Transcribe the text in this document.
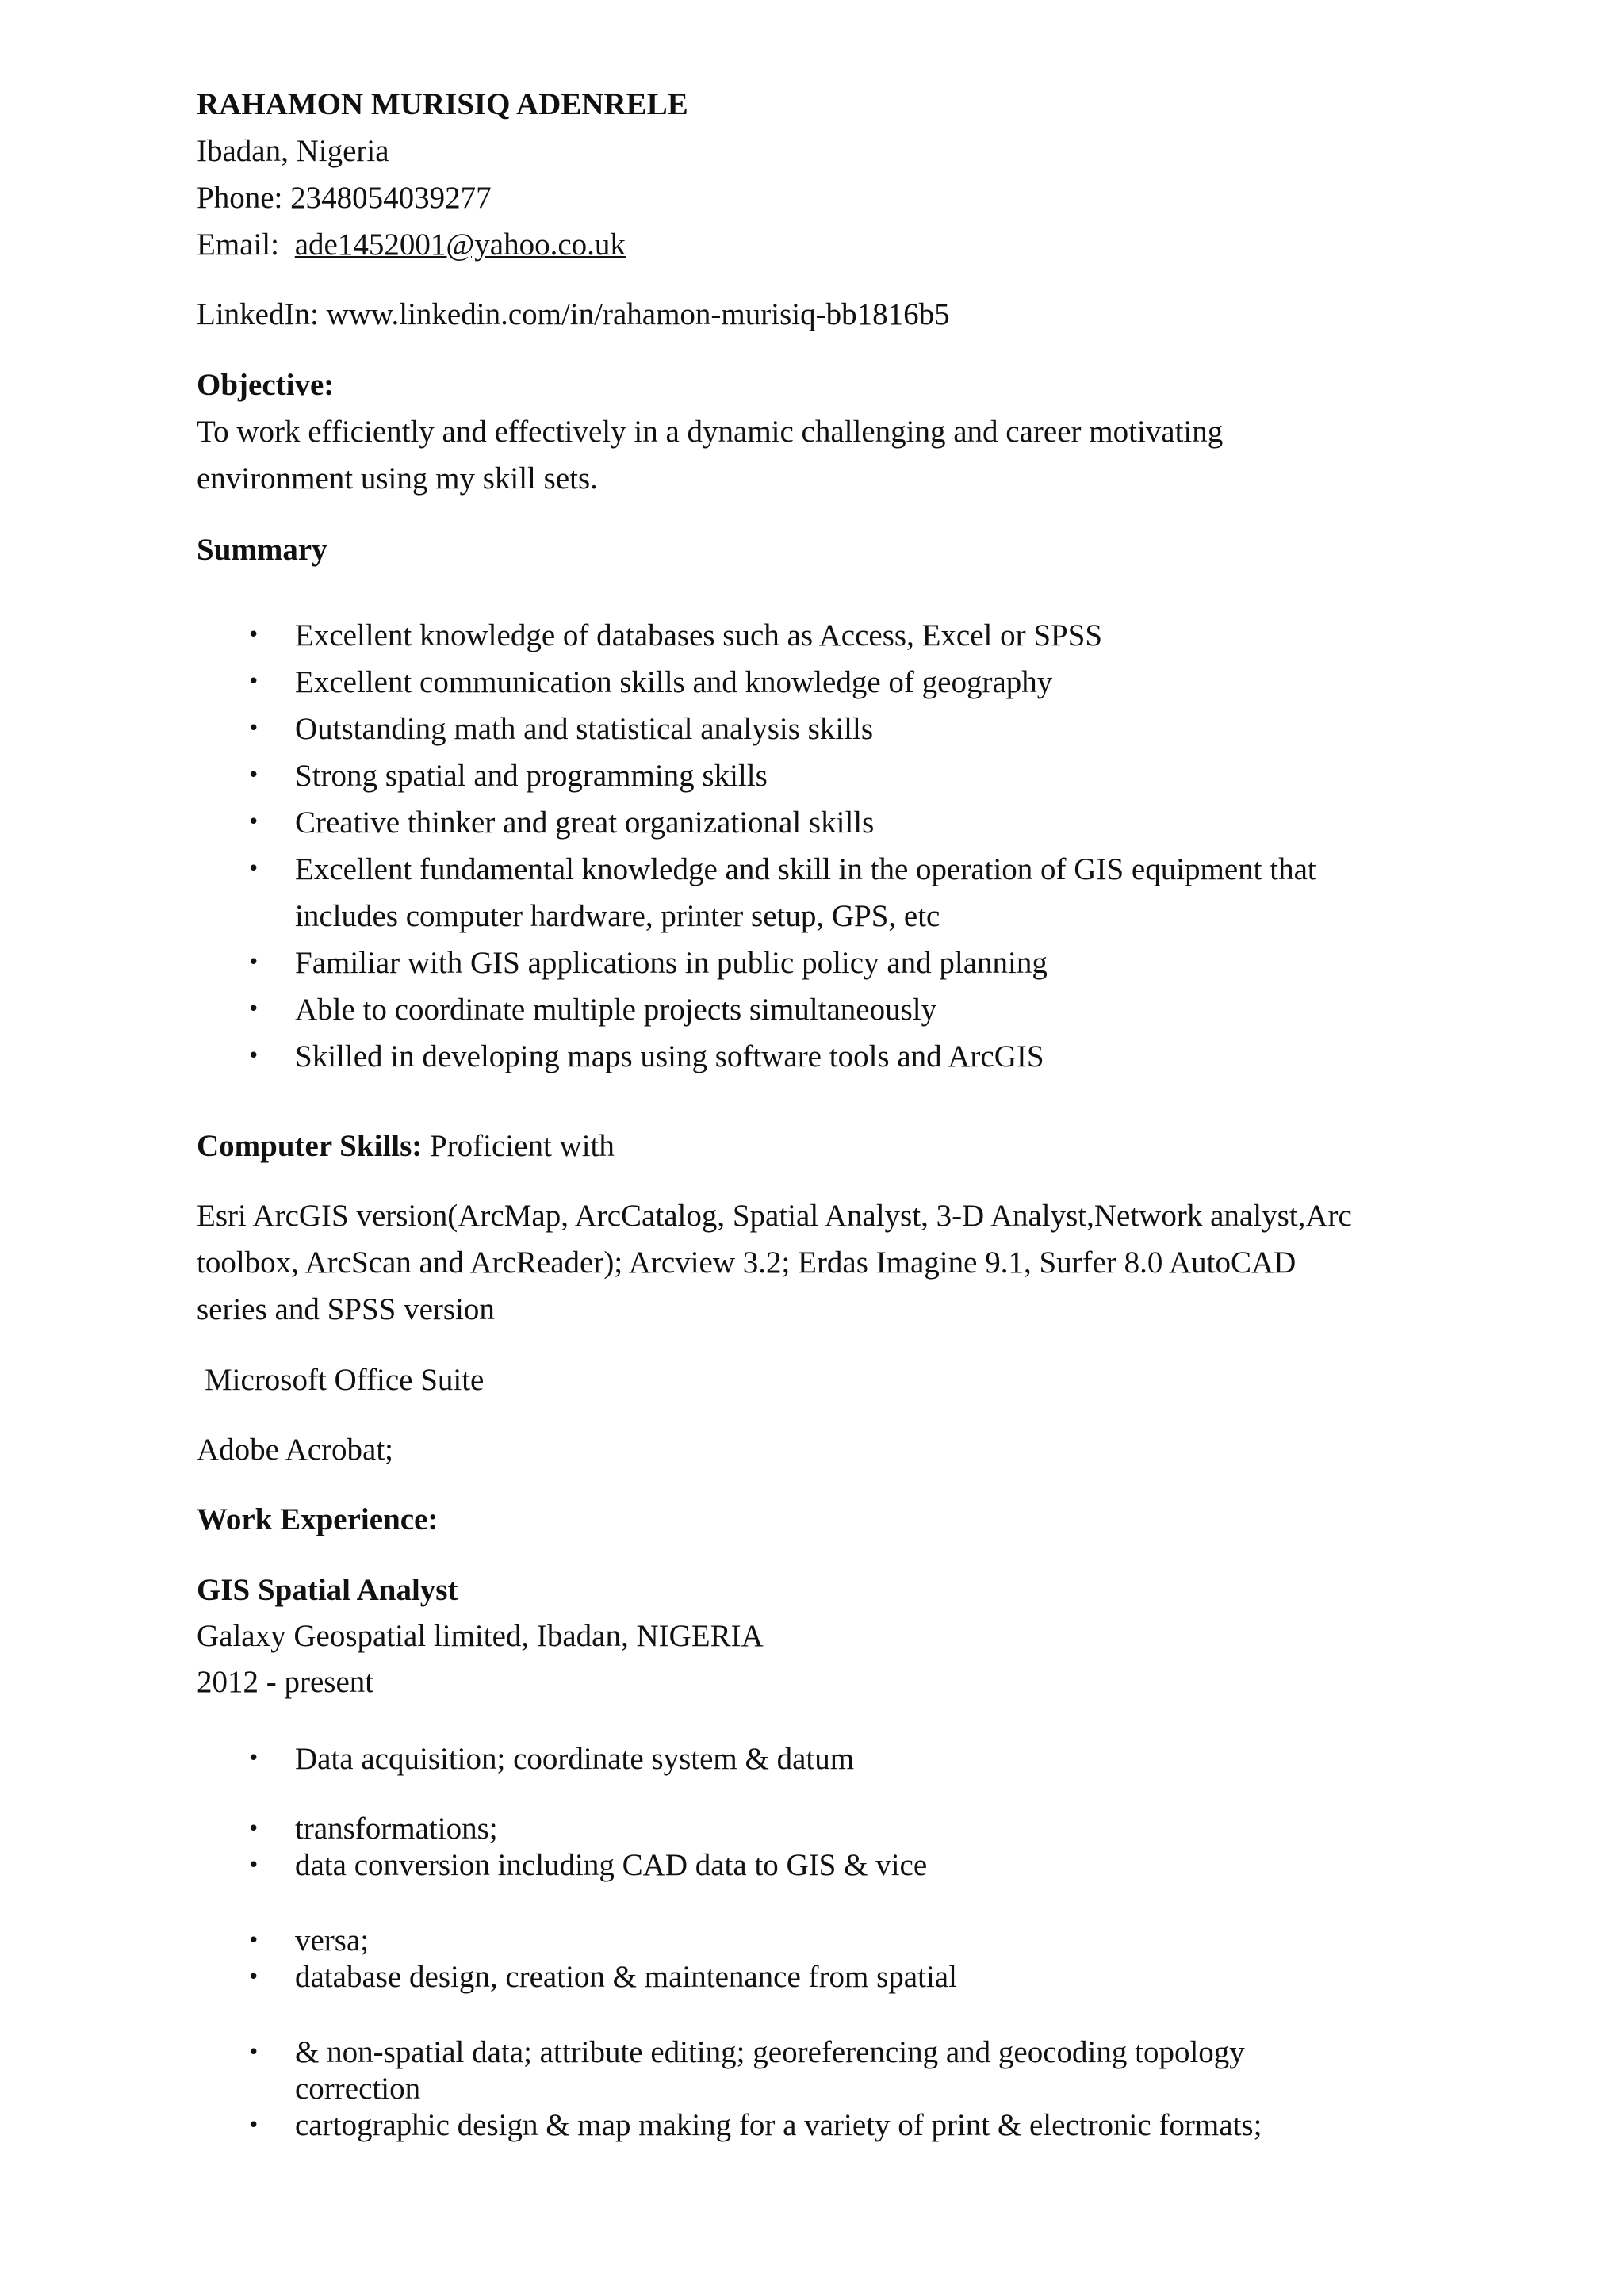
RAHAMON MURISIQ ADENRELE
Ibadan, Nigeria
Phone: 2348054039277
Email: ade1452001@yahoo.co.uk
LinkedIn: www.linkedin.com/in/rahamon-murisiq-bb1816b5
Objective:
To work efficiently and effectively in a dynamic challenging and career motivating
environment using my skill sets.
Summary
• Excellent knowledge of databases such as Access, Excel or SPSS
• Excellent communication skills and knowledge of geography
• Outstanding math and statistical analysis skills
• Strong spatial and programming skills
• Creative thinker and great organizational skills
• Excellent fundamental knowledge and skill in the operation of GIS equipment that
includes computer hardware, printer setup, GPS, etc
• Familiar with GIS applications in public policy and planning
• Able to coordinate multiple projects simultaneously
• Skilled in developing maps using software tools and ArcGIS
Computer Skills: Proficient with
Esri ArcGIS version(ArcMap, ArcCatalog, Spatial Analyst, 3-D Analyst,Network analyst,Arc
toolbox, ArcScan and ArcReader); Arcview 3.2; Erdas Imagine 9.1, Surfer 8.0 AutoCAD
series and SPSS version
Microsoft Office Suite
Adobe Acrobat;
Work Experience:
GIS Spatial Analyst
Galaxy Geospatial limited, Ibadan, NIGERIA
2012 - present
• Data acquisition; coordinate system & datum
• transformations;
• data conversion including CAD data to GIS & vice
• versa;
• database design, creation & maintenance from spatial
• & non-spatial data; attribute editing; georeferencing and geocoding topology
correction
• cartographic design & map making for a variety of print & electronic formats;
